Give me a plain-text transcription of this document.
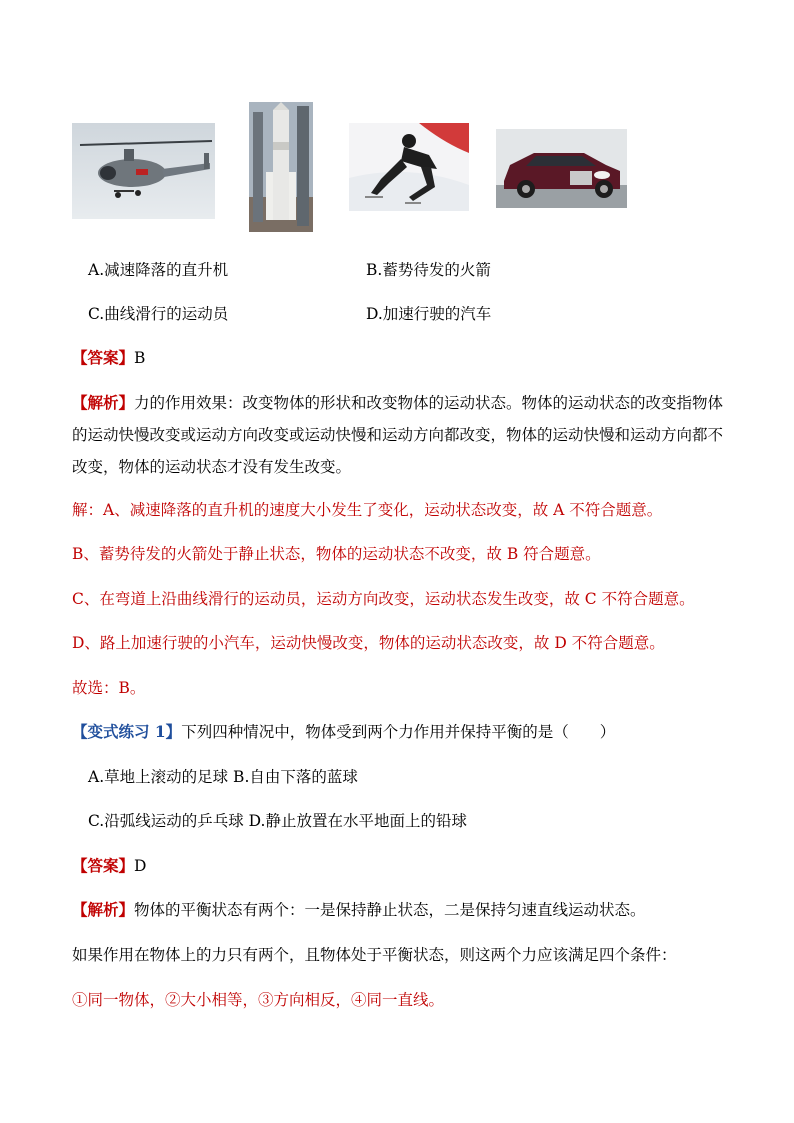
A.减速降落的直升机	B.蓄势待发的火箭
C.曲线滑行的运动员	D.加速行驶的汽车
【答案】B
【解析】力的作用效果：改变物体的形状和改变物体的运动状态。物体的运动状态的改变指物体的运动快慢改变或运动方向改变或运动快慢和运动方向都改变，物体的运动快慢和运动方向都不改变，物体的运动状态才没有发生改变。
解：A、减速降落的直升机的速度大小发生了变化，运动状态改变，故 A 不符合题意。
B、蓄势待发的火箭处于静止状态，物体的运动状态不改变，故 B 符合题意。
C、在弯道上沿曲线滑行的运动员，运动方向改变，运动状态发生改变，故 C 不符合题意。
D、路上加速行驶的小汽车，运动快慢改变，物体的运动状态改变，故 D 不符合题意。
故选：B。
【变式练习 1】下列四种情况中，物体受到两个力作用并保持平衡的是（　　）
A.草地上滚动的足球 B.自由下落的蓝球
C.沿弧线运动的乒乓球 D.静止放置在水平地面上的铅球
【答案】D
【解析】物体的平衡状态有两个：一是保持静止状态，二是保持匀速直线运动状态。
如果作用在物体上的力只有两个，且物体处于平衡状态，则这两个力应该满足四个条件：
①同一物体，②大小相等，③方向相反，④同一直线。
